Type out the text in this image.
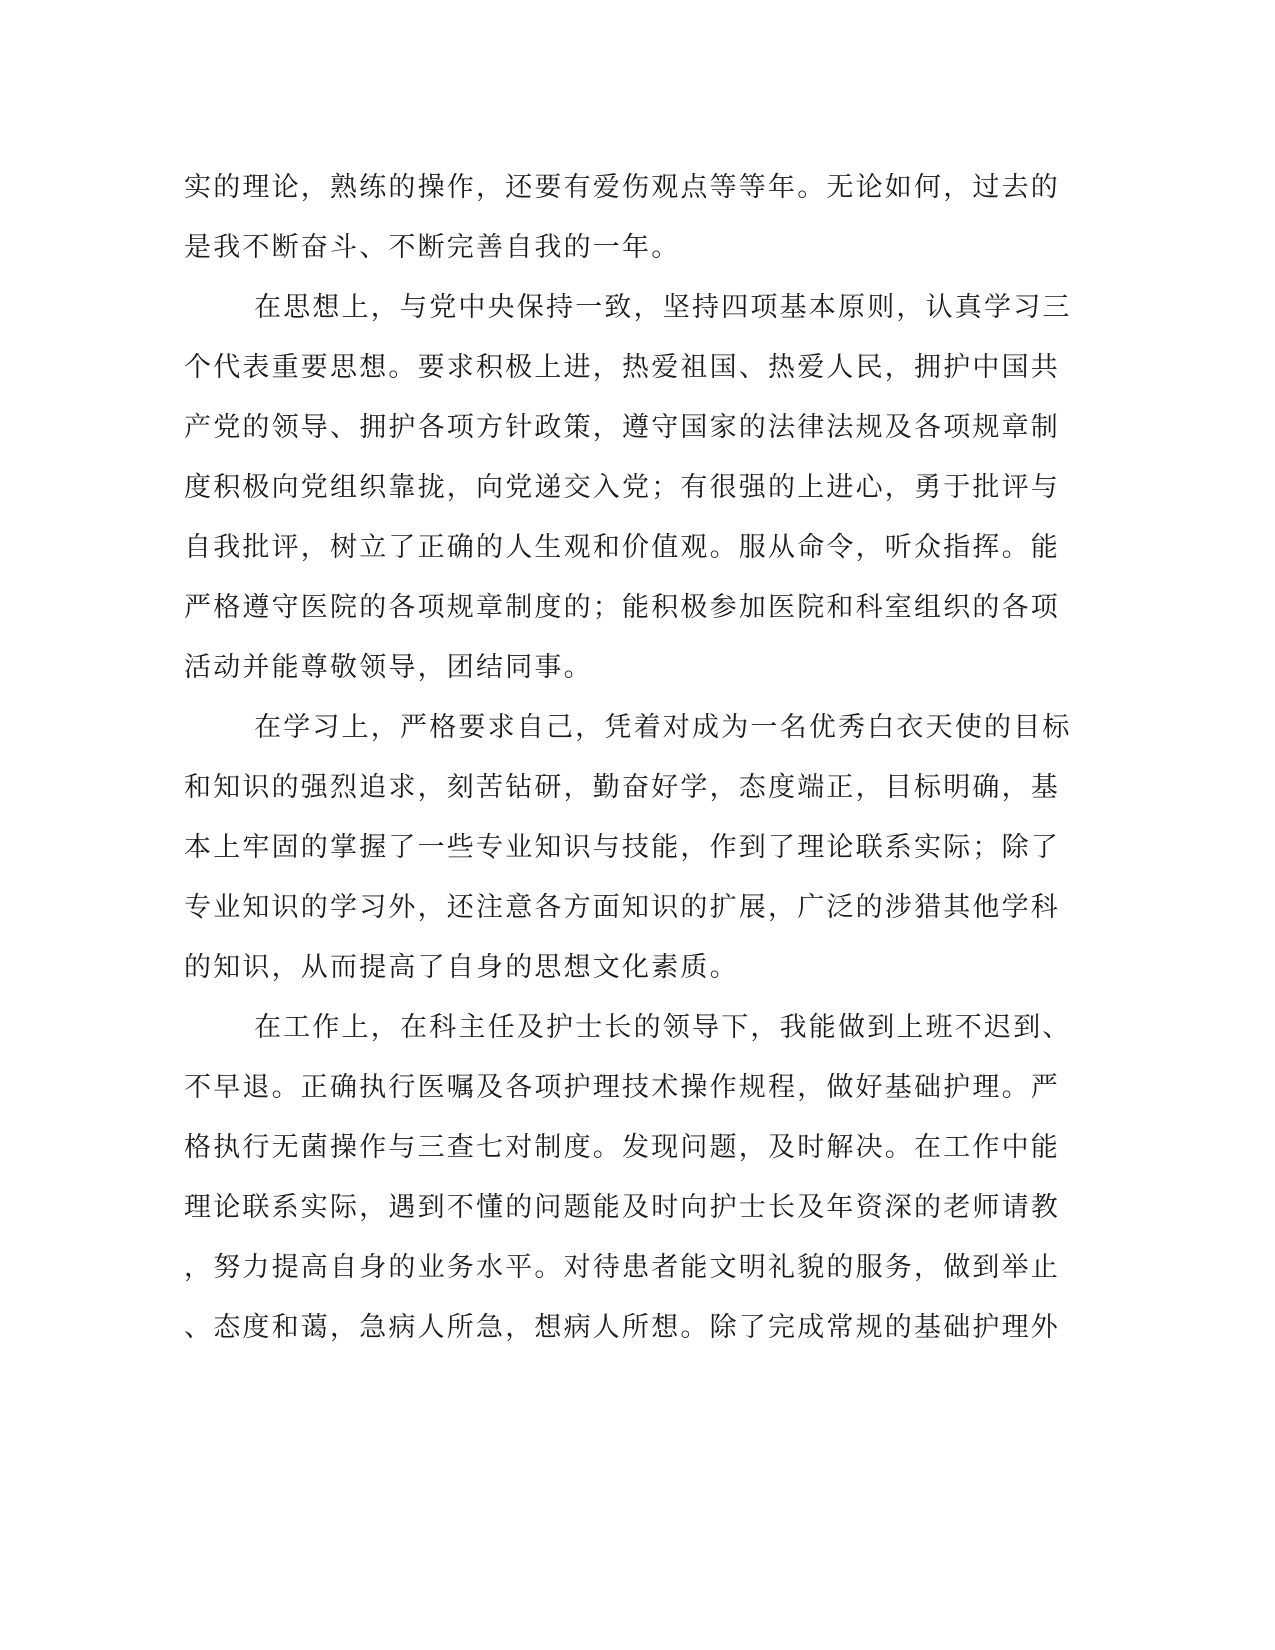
实的理论，熟练的操作，还要有爱伤观点等等年。无论如何，过去的
是我不断奋斗、不断完善自我的一年。
在思想上，与党中央保持一致，坚持四项基本原则，认真学习三
个代表重要思想。要求积极上进，热爱祖国、热爱人民，拥护中国共
产党的领导、拥护各项方针政策，遵守国家的法律法规及各项规章制
度积极向党组织靠拢，向党递交入党；有很强的上进心，勇于批评与
自我批评，树立了正确的人生观和价值观。服从命令，听众指挥。能
严格遵守医院的各项规章制度的；能积极参加医院和科室组织的各项
活动并能尊敬领导，团结同事。
在学习上，严格要求自己，凭着对成为一名优秀白衣天使的目标
和知识的强烈追求，刻苦钻研，勤奋好学，态度端正，目标明确，基
本上牢固的掌握了一些专业知识与技能，作到了理论联系实际；除了
专业知识的学习外，还注意各方面知识的扩展，广泛的涉猎其他学科
的知识，从而提高了自身的思想文化素质。
在工作上，在科主任及护士长的领导下，我能做到上班不迟到、
不早退。正确执行医嘱及各项护理技术操作规程，做好基础护理。严
格执行无菌操作与三查七对制度。发现问题，及时解决。在工作中能
理论联系实际，遇到不懂的问题能及时向护士长及年资深的老师请教
，努力提高自身的业务水平。对待患者能文明礼貌的服务，做到举止
、态度和蔼，急病人所急，想病人所想。除了完成常规的基础护理外
